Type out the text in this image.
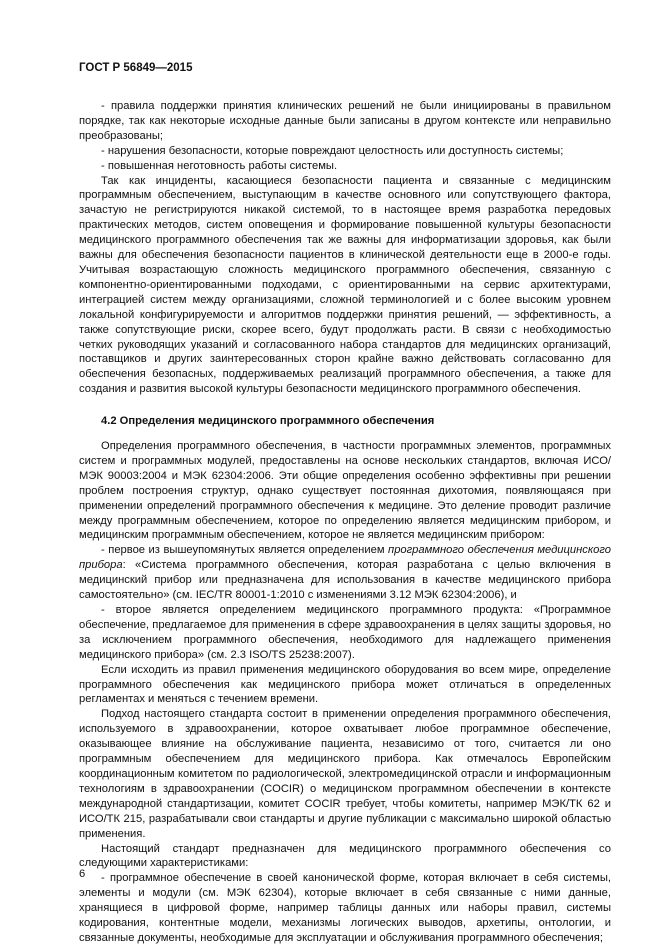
ГОСТ Р 56849—2015

- правила поддержки принятия клинических решений не были инициированы в правильном порядке, так как некоторые исходные данные были записаны в другом контексте или неправильно преобразованы;

- нарушения безопасности, которые повреждают целостность или доступность системы;

- повышенная неготовность работы системы.

Так как инциденты, касающиеся безопасности пациента и связанные с медицинским программным обеспечением, выступающим в качестве основного или сопутствующего фактора, зачастую не регистрируются никакой системой, то в настоящее время разработка передовых практических методов, систем оповещения и формирование повышенной культуры безопасности медицинского программного обеспечения так же важны для информатизации здоровья, как были важны для обеспечения безопасности пациентов в клинической деятельности еще в 2000-е годы. Учитывая возрастающую сложность медицинского программного обеспечения, связанную с компонентно-ориентированными подходами, с ориентированными на сервис архитектурами, интеграцией систем между организациями, сложной терминологией и с более высоким уровнем локальной конфигурируемости и алгоритмов поддержки принятия решений, — эффективность, а также сопутствующие риски, скорее всего, будут продолжать расти. В связи с необходимостью четких руководящих указаний и согласованного набора стандартов для медицинских организаций, поставщиков и других заинтересованных сторон крайне важно действовать согласованно для обеспечения безопасных, поддерживаемых реализаций программного обеспечения, а также для создания и развития высокой культуры безопасности медицинского программного обеспечения.

4.2 Определения медицинского программного обеспечения

Определения программного обеспечения, в частности программных элементов, программных систем и программных модулей, предоставлены на основе нескольких стандартов, включая ИСО/МЭК 90003:2004 и МЭК 62304:2006. Эти общие определения особенно эффективны при решении проблем построения структур, однако существует постоянная дихотомия, появляющаяся при применении определений программного обеспечения к медицине. Это деление проводит различие между программным обеспечением, которое по определению является медицинским прибором, и медицинским программным обеспечением, которое не является медицинским прибором:

- первое из вышеупомянутых является определением программного обеспечения медицинского прибора: «Система программного обеспечения, которая разработана с целью включения в медицинский прибор или предназначена для использования в качестве медицинского прибора самостоятельно» (см. IEC/TR 80001-1:2010 с изменениями 3.12 МЭК 62304:2006), и

- второе является определением медицинского программного продукта: «Программное обеспечение, предлагаемое для применения в сфере здравоохранения в целях защиты здоровья, но за исключением программного обеспечения, необходимого для надлежащего применения медицинского прибора» (см. 2.3 ISO/TS 25238:2007).

Если исходить из правил применения медицинского оборудования во всем мире, определение программного обеспечения как медицинского прибора может отличаться в определенных регламентах и меняться с течением времени.

Подход настоящего стандарта состоит в применении определения программного обеспечения, используемого в здравоохранении, которое охватывает любое программное обеспечение, оказывающее влияние на обслуживание пациента, независимо от того, считается ли оно программным обеспечением для медицинского прибора. Как отмечалось Европейским координационным комитетом по радиологической, электромедицинской отрасли и информационным технологиям в здравоохранении (COCIR) о медицинском программном обеспечении в контексте международной стандартизации, комитет COCIR требует, чтобы комитеты, например МЭК/ТК 62 и ИСО/ТК 215, разрабатывали свои стандарты и другие публикации с максимально широкой областью применения.

Настоящий стандарт предназначен для медицинского программного обеспечения со следующими характеристиками:

- программное обеспечение в своей канонической форме, которая включает в себя системы, элементы и модули (см. МЭК 62304), которые включает в себя связанные с ними данные, хранящиеся в цифровой форме, например таблицы данных или наборы правил, системы кодирования, контентные модели, механизмы логических выводов, архетипы, онтологии, и связанные документы, необходимые для эксплуатации и обслуживания программного обеспечения;

6
